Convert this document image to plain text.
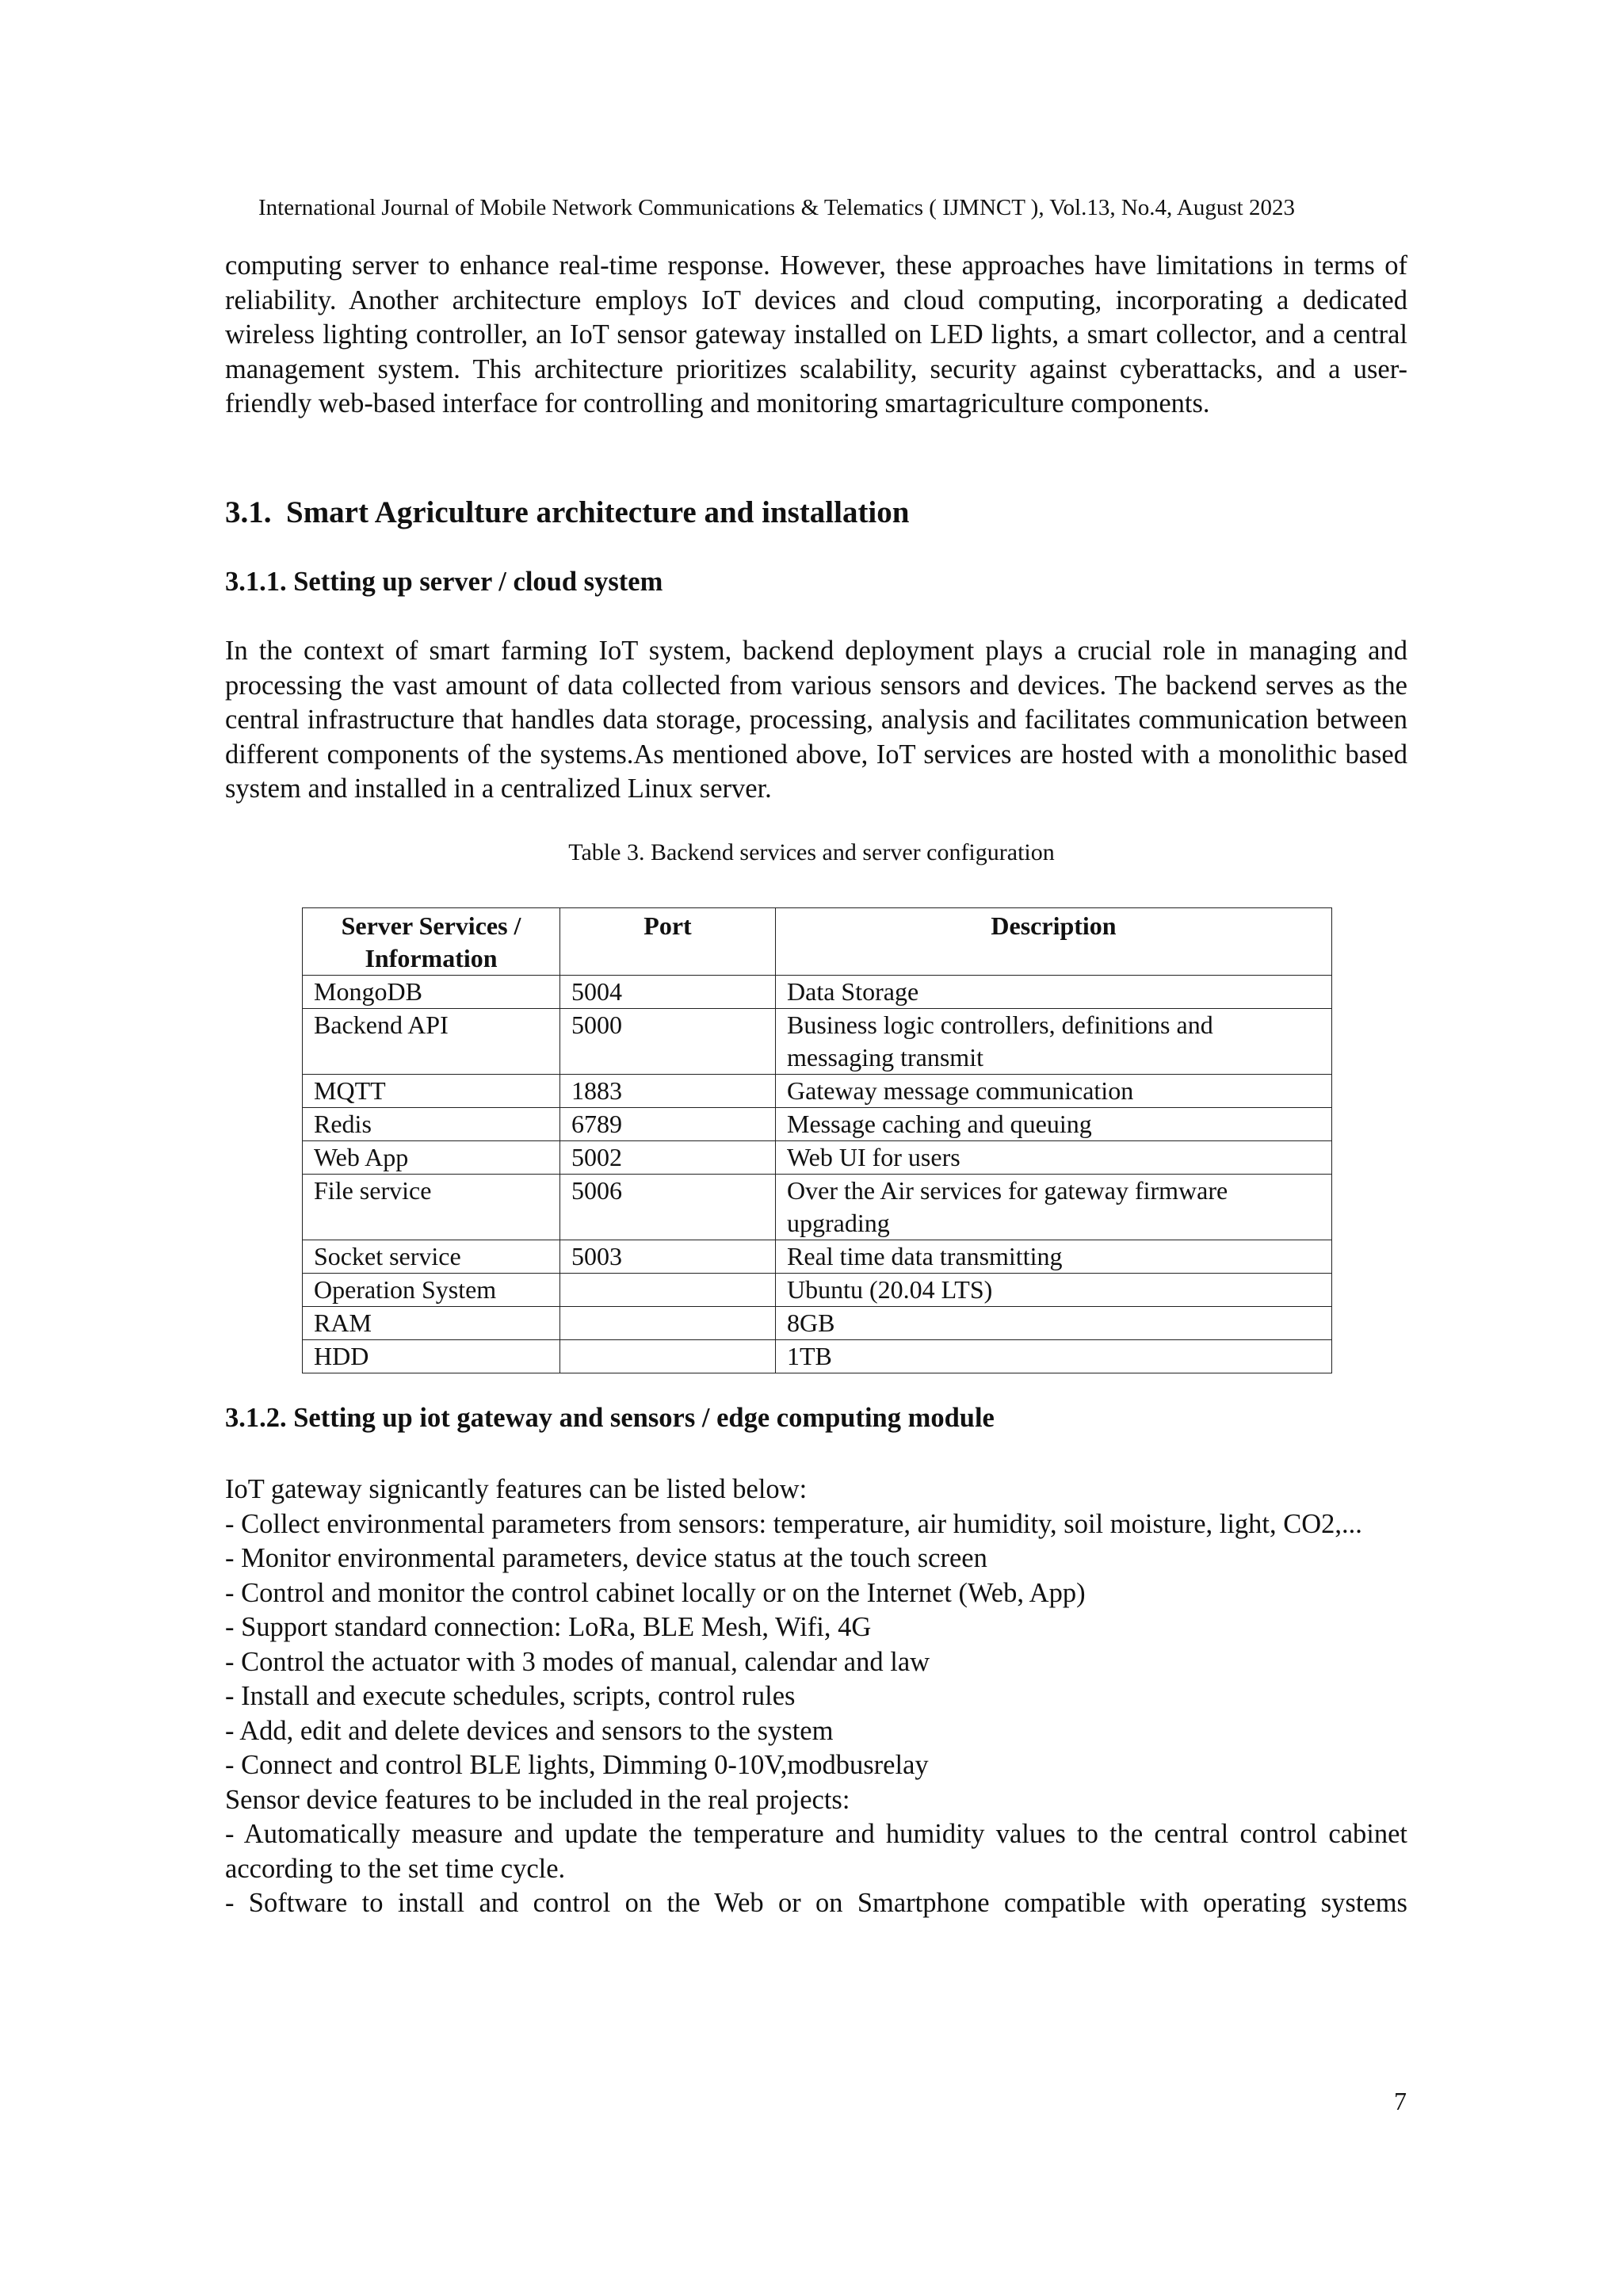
International Journal of Mobile Network Communications & Telematics ( IJMNCT ), Vol.13, No.4, August 2023

computing server to enhance real-time response. However, these approaches have limitations in terms of reliability. Another architecture employs IoT devices and cloud computing, incorporating a dedicated wireless lighting controller, an IoT sensor gateway installed on LED lights, a smart collector, and a central management system. This architecture prioritizes scalability, security against cyberattacks, and a user-friendly web-based interface for controlling and monitoring smartagriculture components.

3.1. Smart Agriculture architecture and installation
3.1.1. Setting up server / cloud system

In the context of smart farming IoT system, backend deployment plays a crucial role in managing and processing the vast amount of data collected from various sensors and devices. The backend serves as the central infrastructure that handles data storage, processing, analysis and facilitates communication between different components of the systems.As mentioned above, IoT services are hosted with a monolithic based system and installed in a centralized Linux server.

Table 3. Backend services and server configuration
Server Services / Information	Port	Description
MongoDB	5004	Data Storage
Backend API	5000	Business logic controllers, definitions and messaging transmit
MQTT	1883	Gateway message communication
Redis	6789	Message caching and queuing
Web App	5002	Web UI for users
File service	5006	Over the Air services for gateway firmware upgrading
Socket service	5003	Real time data transmitting
Operation System		Ubuntu (20.04 LTS)
RAM		8GB
HDD		1TB
3.1.2. Setting up iot gateway and sensors / edge computing module
IoT gateway signicantly features can be listed below:
- Collect environmental parameters from sensors: temperature, air humidity, soil moisture, light, CO2,...
- Monitor environmental parameters, device status at the touch screen
- Control and monitor the control cabinet locally or on the Internet (Web, App)
- Support standard connection: LoRa, BLE Mesh, Wifi, 4G
- Control the actuator with 3 modes of manual, calendar and law
- Install and execute schedules, scripts, control rules
- Add, edit and delete devices and sensors to the system
- Connect and control BLE lights, Dimming 0-10V,modbusrelay
Sensor device features to be included in the real projects:
- Automatically measure and update the temperature and humidity values to the central control cabinet according to the set time cycle.
- Software to install and control on the Web or on Smartphone compatible with operating systems
7
